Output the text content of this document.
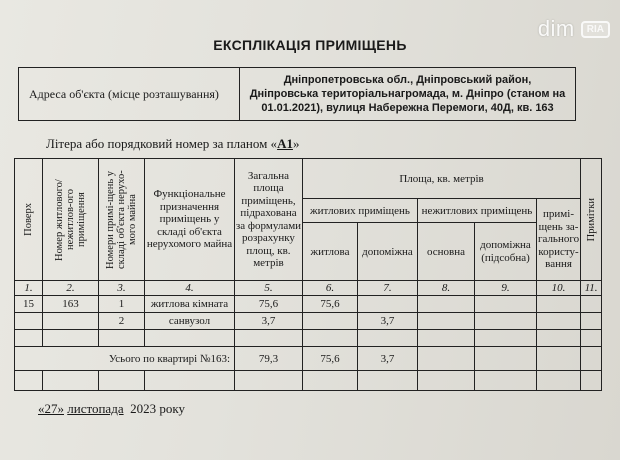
dim	RIA
ЕКСПЛІКАЦІЯ ПРИМІЩЕНЬ
Адреса об'єкта (місце розташування)
Дніпропетровська обл., Дніпровський район, Дніпровська територіальнагромада, м. Дніпро (станом на 01.01.2021), вулиця Набережна Перемоги, 40Д, кв. 163
Літера або порядковий номер за планом «А1»
Поверх	Номер житлового/ нежитлов-ого приміщення	Номери примі-щень у складі об'єкта нерухо-мого майна	Функціональне призначення приміщень у складі об'єкта нерухомого майна	Загальна площа приміщень, підрахована за формулами розрахунку площ, кв. метрів	Площа, кв. метрів					Примітки

					житлових приміщень		нежитлових приміщень		примі-щень за-гального користу-вання	
					житлова	допоміжна	основна	допоміжна (підсобна)		
1.	2.	3.	4.	5.	6.	7.	8.	9.	10.	11.
15	163	1	житлова кімната	75,6	75,6					
		2	санвузол	3,7		3,7				

Усього по квартирі №163:				79,3	75,6	3,7				

«27» листопада 2023 року
